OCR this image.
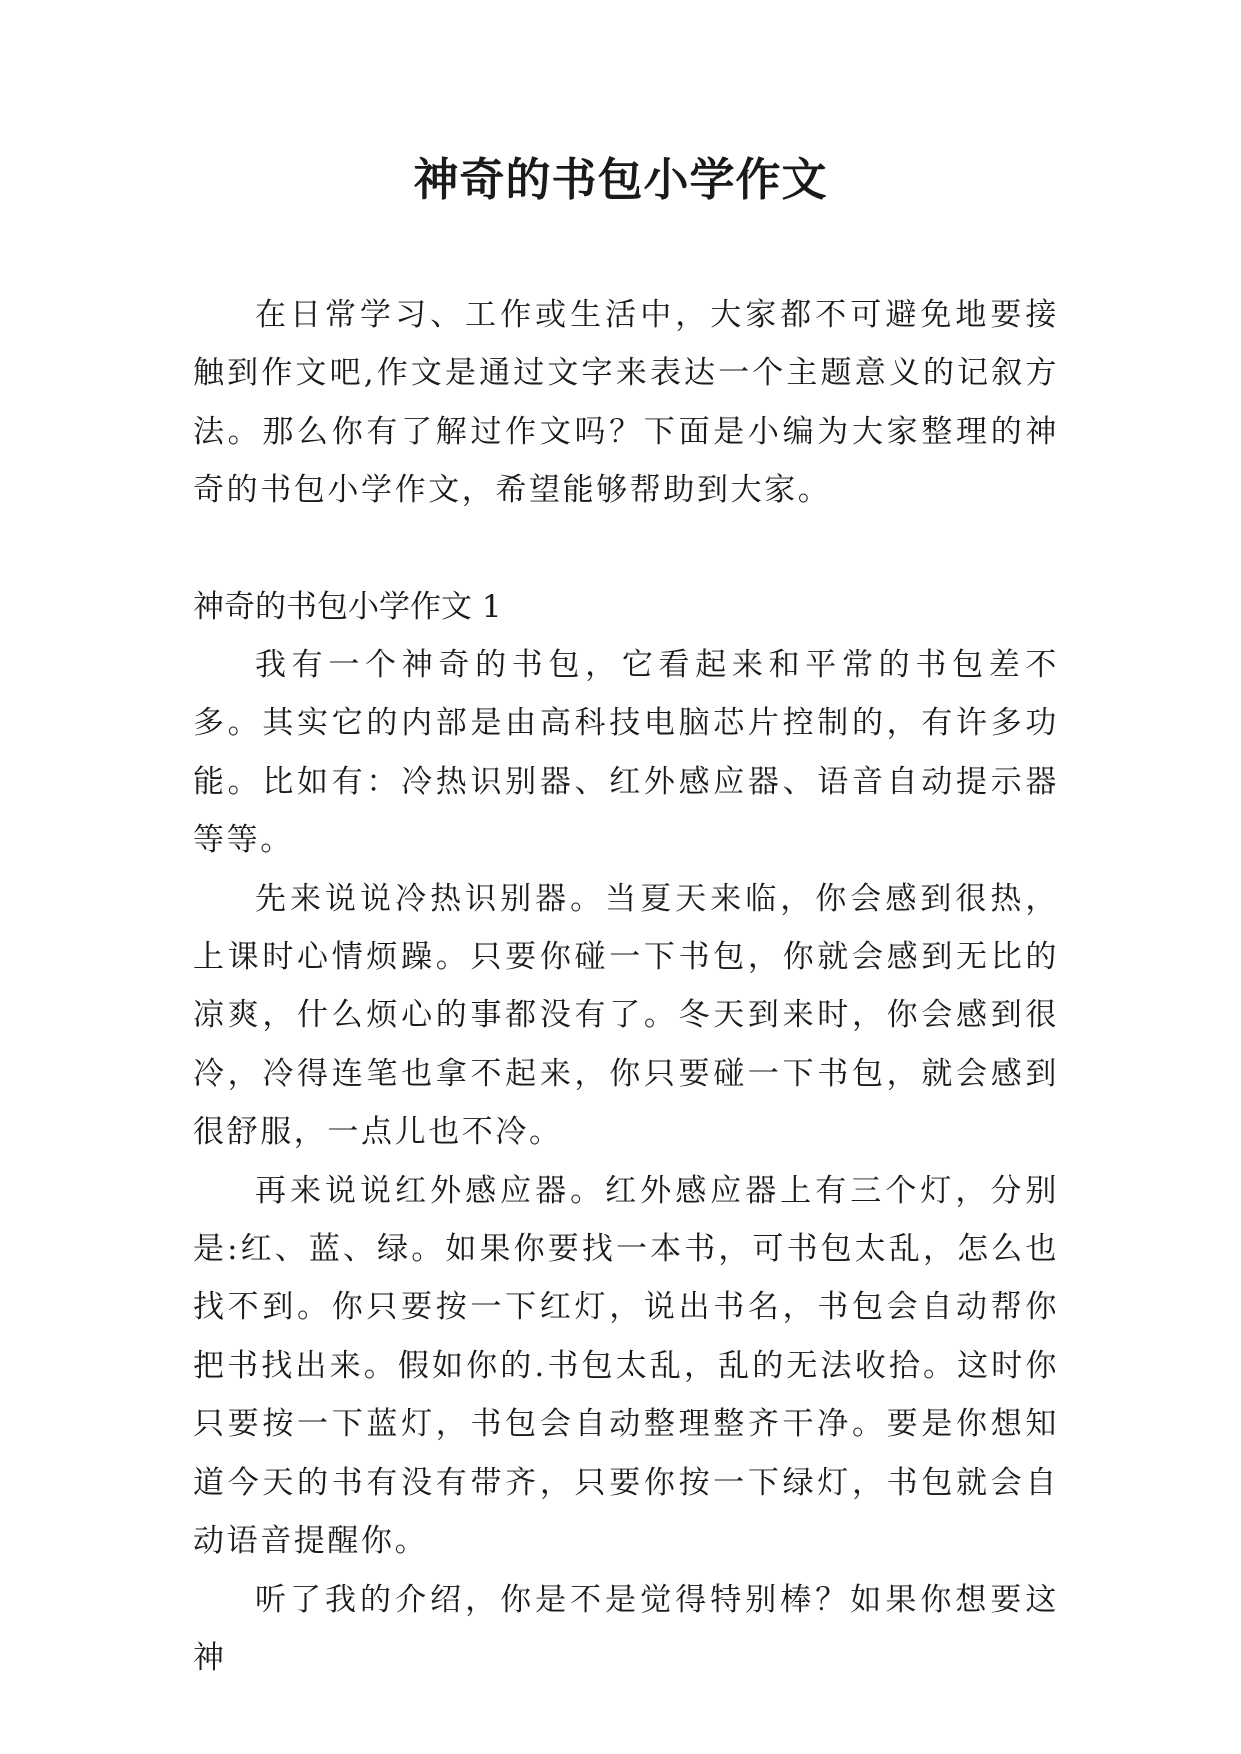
神奇的书包小学作文

在日常学习、工作或生活中，大家都不可避免地要接触到作文吧,作文是通过文字来表达一个主题意义的记叙方法。那么你有了解过作文吗？下面是小编为大家整理的神奇的书包小学作文，希望能够帮助到大家。

神奇的书包小学作文 1

我有一个神奇的书包，它看起来和平常的书包差不多。其实它的内部是由高科技电脑芯片控制的，有许多功能。比如有：冷热识别器、红外感应器、语音自动提示器等等。

先来说说冷热识别器。当夏天来临，你会感到很热，上课时心情烦躁。只要你碰一下书包，你就会感到无比的凉爽，什么烦心的事都没有了。冬天到来时，你会感到很冷，冷得连笔也拿不起来，你只要碰一下书包，就会感到很舒服，一点儿也不冷。

再来说说红外感应器。红外感应器上有三个灯，分别是:红、蓝、绿。如果你要找一本书，可书包太乱，怎么也找不到。你只要按一下红灯，说出书名，书包会自动帮你把书找出来。假如你的.书包太乱，乱的无法收拾。这时你只要按一下蓝灯，书包会自动整理整齐干净。要是你想知道今天的书有没有带齐，只要你按一下绿灯，书包就会自动语音提醒你。

听了我的介绍，你是不是觉得特别棒？如果你想要这神
